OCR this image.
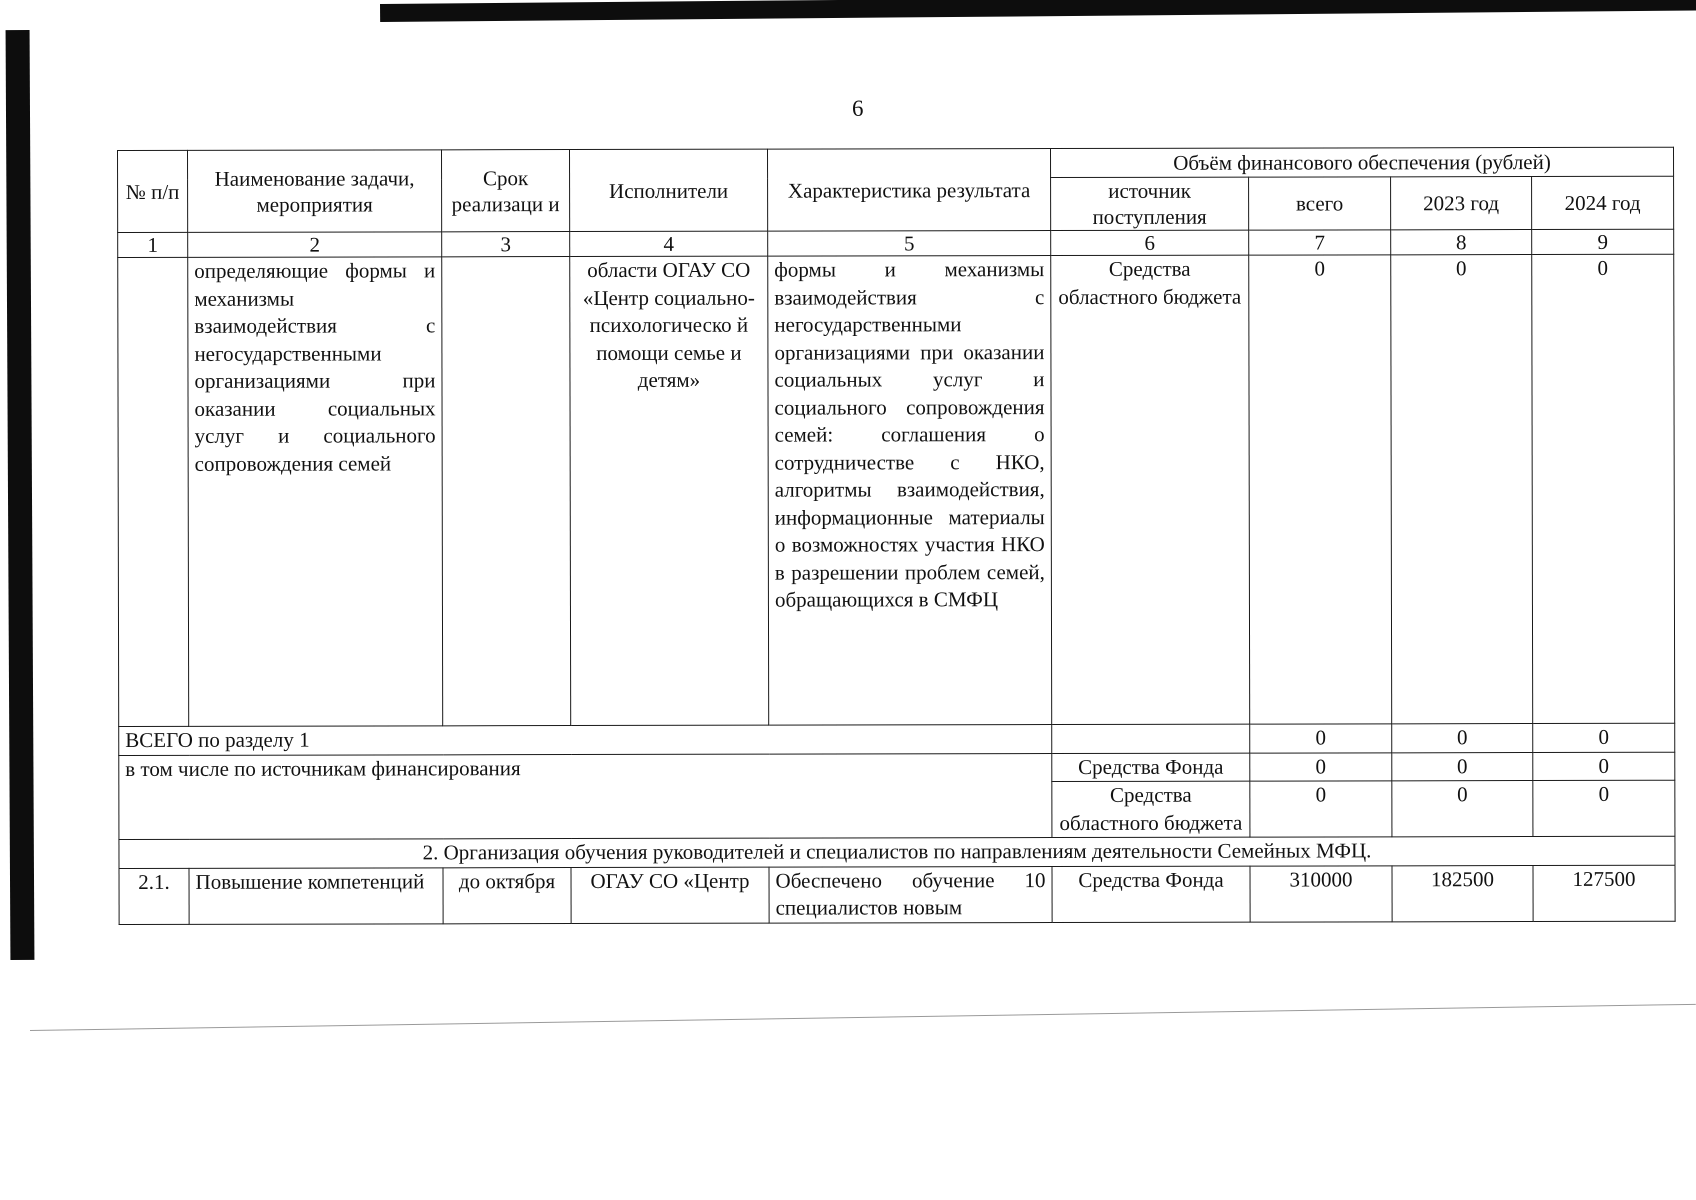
6
№ п/п	Наименование задачи, мероприятия	Срок реализаци и	Исполнители	Характеристика результата	Объём финансового обеспечения (рублей)			
					источник поступления	всего	2023 год	2024 год
1	2	3	4	5	6	7	8	9
	определяющие формы и механизмы взаимодействия с негосударственными организациями при оказании социальных услуг и социального сопровождения семей		области ОГАУ СО «Центр социально-психологическо й помощи семье и детям»	формы и механизмы взаимодействия с негосударственными организациями при оказании социальных услуг и социального сопровождения семей: соглашения о сотрудничестве с НКО, алгоритмы взаимодействия, информационные материалы о возможностях участия НКО в разрешении проблем семей, обращающихся в СМФЦ	Средства областного бюджета	0	0	0
ВСЕГО по разделу 1						0	0	0
в том числе по источникам финансирования					Средства Фонда	0	0	0
					Средства областного бюджета	0	0	0
2. Организация обучения руководителей и специалистов по направлениям деятельности Семейных МФЦ.								
2.1.	Повышение компетенций	до октября	ОГАУ СО «Центр	Обеспечено обучение 10 специалистов новым	Средства Фонда	310000	182500	127500
